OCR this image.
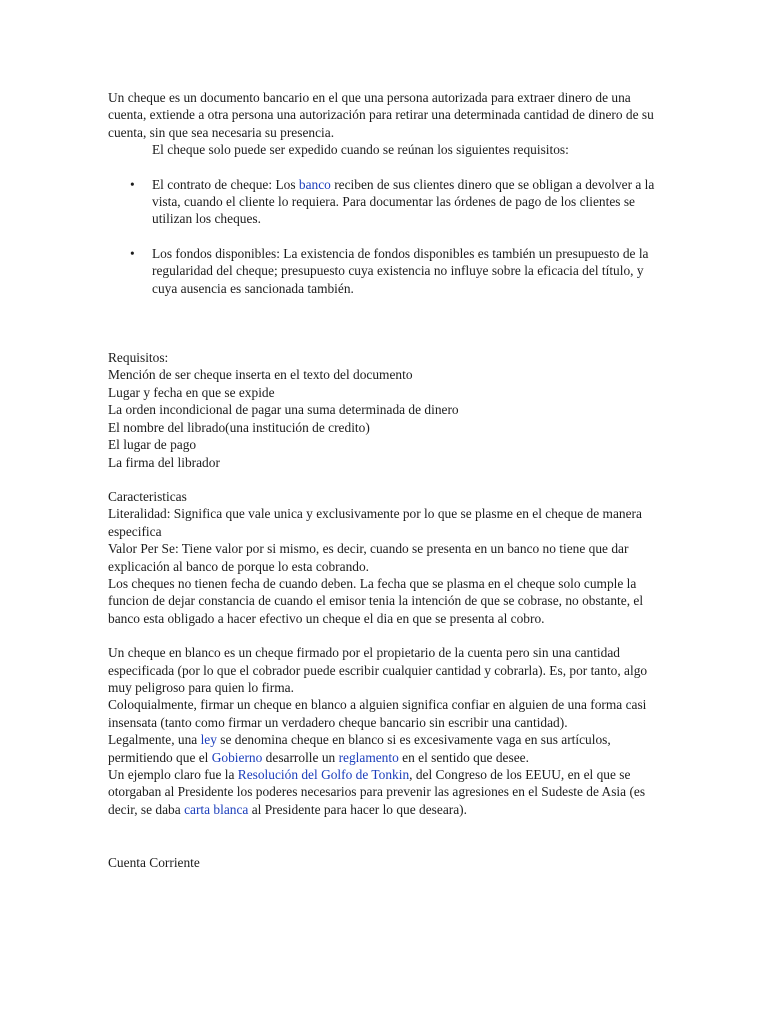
Un cheque es un documento bancario en el que una persona autorizada para extraer dinero de una cuenta, extiende a otra persona una autorización para retirar una determinada cantidad de dinero de su cuenta, sin que sea necesaria su presencia.

El cheque solo puede ser expedido cuando se reúnan los siguientes requisitos:

• El contrato de cheque: Los banco reciben de sus clientes dinero que se obligan a devolver a la vista, cuando el cliente lo requiera. Para documentar las órdenes de pago de los clientes se utilizan los cheques.
• Los fondos disponibles: La existencia de fondos disponibles es también un presupuesto de la regularidad del cheque; presupuesto cuya existencia no influye sobre la eficacia del título, y cuya ausencia es sancionada también.

Requisitos:

Mención de ser cheque inserta en el texto del documento

Lugar y fecha en que se expide

La orden incondicional de pagar una suma determinada de dinero

El nombre del librado(una institución de credito)

El lugar de pago

La firma del librador

Caracteristicas

Literalidad: Significa que vale unica y exclusivamente por lo que se plasme en el cheque de manera especifica

Valor Per Se: Tiene valor por si mismo, es decir, cuando se presenta en un banco no tiene que dar explicación al banco de porque lo esta cobrando.

Los cheques no tienen fecha de cuando deben. La fecha que se plasma en el cheque solo cumple la funcion de dejar constancia de cuando el emisor tenia la intención de que se cobrase, no obstante, el banco esta obligado a hacer efectivo un cheque el dia en que se presenta al cobro.

Un cheque en blanco es un cheque firmado por el propietario de la cuenta pero sin una cantidad especificada (por lo que el cobrador puede escribir cualquier cantidad y cobrarla). Es, por tanto, algo muy peligroso para quien lo firma.

Coloquialmente, firmar un cheque en blanco a alguien significa confiar en alguien de una forma casi insensata (tanto como firmar un verdadero cheque bancario sin escribir una cantidad).

Legalmente, una ley se denomina cheque en blanco si es excesivamente vaga en sus artículos, permitiendo que el Gobierno desarrolle un reglamento en el sentido que desee.

Un ejemplo claro fue la Resolución del Golfo de Tonkin, del Congreso de los EEUU, en el que se otorgaban al Presidente los poderes necesarios para prevenir las agresiones en el Sudeste de Asia (es decir, se daba carta blanca al Presidente para hacer lo que deseara).

Cuenta Corriente
